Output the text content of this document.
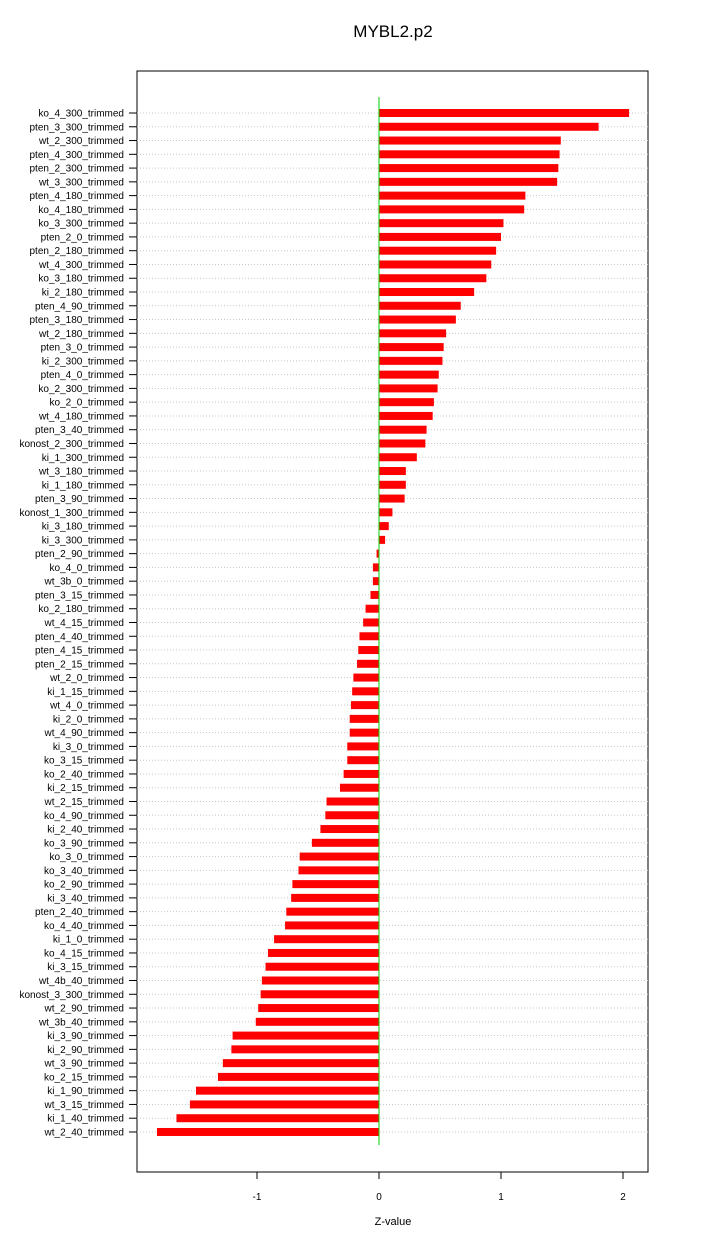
MYBL2.p2
ko_4_300_trimmed
pten_3_300_trimmed
wt_2_300_trimmed
pten_4_300_trimmed
pten_2_300_trimmed
wt_3_300_trimmed
pten_4_180_trimmed
ko_4_180_trimmed
ko_3_300_trimmed
pten_2_0_trimmed
pten_2_180_trimmed
wt_4_300_trimmed
ko_3_180_trimmed
ki_2_180_trimmed
pten_4_90_trimmed
pten_3_180_trimmed
wt_2_180_trimmed
pten_3_0_trimmed
ki_2_300_trimmed
pten_4_0_trimmed
ko_2_300_trimmed
ko_2_0_trimmed
wt_4_180_trimmed
pten_3_40_trimmed
konost_2_300_trimmed
ki_1_300_trimmed
wt_3_180_trimmed
ki_1_180_trimmed
pten_3_90_trimmed
konost_1_300_trimmed
ki_3_180_trimmed
ki_3_300_trimmed
pten_2_90_trimmed
ko_4_0_trimmed
wt_3b_0_trimmed
pten_3_15_trimmed
ko_2_180_trimmed
wt_4_15_trimmed
pten_4_40_trimmed
pten_4_15_trimmed
pten_2_15_trimmed
wt_2_0_trimmed
ki_1_15_trimmed
wt_4_0_trimmed
ki_2_0_trimmed
wt_4_90_trimmed
ki_3_0_trimmed
ko_3_15_trimmed
ko_2_40_trimmed
ki_2_15_trimmed
wt_2_15_trimmed
ko_4_90_trimmed
ki_2_40_trimmed
ko_3_90_trimmed
ko_3_0_trimmed
ko_3_40_trimmed
ko_2_90_trimmed
ki_3_40_trimmed
pten_2_40_trimmed
ko_4_40_trimmed
ki_1_0_trimmed
ko_4_15_trimmed
ki_3_15_trimmed
wt_4b_40_trimmed
konost_3_300_trimmed
wt_2_90_trimmed
wt_3b_40_trimmed
ki_3_90_trimmed
ki_2_90_trimmed
wt_3_90_trimmed
ko_2_15_trimmed
ki_1_90_trimmed
wt_3_15_trimmed
ki_1_40_trimmed
wt_2_40_trimmed
-1	0	1	2
Z-value
